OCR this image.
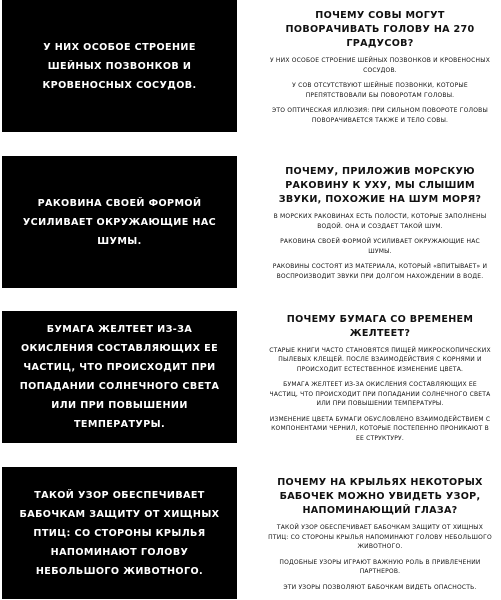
У НИХ ОСОБОЕ СТРОЕНИЕ ШЕЙНЫХ ПОЗВОНКОВ И КРОВЕНОСНЫХ СОСУДОВ.
ПОЧЕМУ СОВЫ МОГУТ ПОВОРАЧИВАТЬ ГОЛОВУ НА 270 ГРАДУСОВ?
У НИХ ОСОБОЕ СТРОЕНИЕ ШЕЙНЫХ ПОЗВОНКОВ И КРОВЕНОСНЫХ СОСУДОВ.
У СОВ ОТСУТСТВУЮТ ШЕЙНЫЕ ПОЗВОНКИ, КОТОРЫЕ ПРЕПЯТСТВОВАЛИ БЫ ПОВОРОТАМ ГОЛОВЫ.
ЭТО ОПТИЧЕСКАЯ ИЛЛЮЗИЯ: ПРИ СИЛЬНОМ ПОВОРОТЕ ГОЛОВЫ ПОВОРАЧИВАЕТСЯ ТАКЖЕ И ТЕЛО СОВЫ.
РАКОВИНА СВОЕЙ ФОРМОЙ УСИЛИВАЕТ ОКРУЖАЮЩИЕ НАС ШУМЫ.
ПОЧЕМУ, ПРИЛОЖИВ МОРСКУЮ РАКОВИНУ К УХУ, МЫ СЛЫШИМ ЗВУКИ, ПОХОЖИЕ НА ШУМ МОРЯ?
В МОРСКИХ РАКОВИНАХ ЕСТЬ ПОЛОСТИ, КОТОРЫЕ ЗАПОЛНЕНЫ ВОДОЙ. ОНА И СОЗДАЕТ ТАКОЙ ШУМ.
РАКОВИНА СВОЕЙ ФОРМОЙ УСИЛИВАЕТ ОКРУЖАЮЩИЕ НАС ШУМЫ.
РАКОВИНЫ СОСТОЯТ ИЗ МАТЕРИАЛА, КОТОРЫЙ «ВПИТЫВАЕТ» И ВОСПРОИЗВОДИТ ЗВУКИ ПРИ ДОЛГОМ НАХОЖДЕНИИ В ВОДЕ.
БУМАГА ЖЕЛТЕЕТ ИЗ-ЗА ОКИСЛЕНИЯ СОСТАВЛЯЮЩИХ ЕЕ ЧАСТИЦ, ЧТО ПРОИСХОДИТ ПРИ ПОПАДАНИИ СОЛНЕЧНОГО СВЕТА ИЛИ ПРИ ПОВЫШЕНИИ ТЕМПЕРАТУРЫ.
ПОЧЕМУ БУМАГА СО ВРЕМЕНЕМ ЖЕЛТЕЕТ?
СТАРЫЕ КНИГИ ЧАСТО СТАНОВЯТСЯ ПИЩЕЙ МИКРОСКОПИЧЕСКИХ ПЫЛЕВЫХ КЛЕЩЕЙ. ПОСЛЕ ВЗАИМОДЕЙСТВИЯ С КОРНЯМИ И ПРОИСХОДИТ ЕСТЕСТВЕННОЕ ИЗМЕНЕНИЕ ЦВЕТА.
БУМАГА ЖЕЛТЕЕТ ИЗ-ЗА ОКИСЛЕНИЯ СОСТАВЛЯЮЩИХ ЕЕ ЧАСТИЦ, ЧТО ПРОИСХОДИТ ПРИ ПОПАДАНИИ СОЛНЕЧНОГО СВЕТА ИЛИ ПРИ ПОВЫШЕНИИ ТЕМПЕРАТУРЫ.
ИЗМЕНЕНИЕ ЦВЕТА БУМАГИ ОБУСЛОВЛЕНО ВЗАИМОДЕЙСТВИЕМ С КОМПОНЕНТАМИ ЧЕРНИЛ, КОТОРЫЕ ПОСТЕПЕННО ПРОНИКАЮТ В ЕЕ СТРУКТУРУ.
ТАКОЙ УЗОР ОБЕСПЕЧИВАЕТ БАБОЧКАМ ЗАЩИТУ ОТ ХИЩНЫХ ПТИЦ: СО СТОРОНЫ КРЫЛЬЯ НАПОМИНАЮТ ГОЛОВУ НЕБОЛЬШОГО ЖИВОТНОГО.
ПОЧЕМУ НА КРЫЛЬЯХ НЕКОТОРЫХ БАБОЧЕК МОЖНО УВИДЕТЬ УЗОР, НАПОМИНАЮЩИЙ ГЛАЗА?
ТАКОЙ УЗОР ОБЕСПЕЧИВАЕТ БАБОЧКАМ ЗАЩИТУ ОТ ХИЩНЫХ ПТИЦ: СО СТОРОНЫ КРЫЛЬЯ НАПОМИНАЮТ ГОЛОВУ НЕБОЛЬШОГО ЖИВОТНОГО.
ПОДОБНЫЕ УЗОРЫ ИГРАЮТ ВАЖНУЮ РОЛЬ В ПРИВЛЕЧЕНИИ ПАРТНЕРОВ.
ЭТИ УЗОРЫ ПОЗВОЛЯЮТ БАБОЧКАМ ВИДЕТЬ ОПАСНОСТЬ.
